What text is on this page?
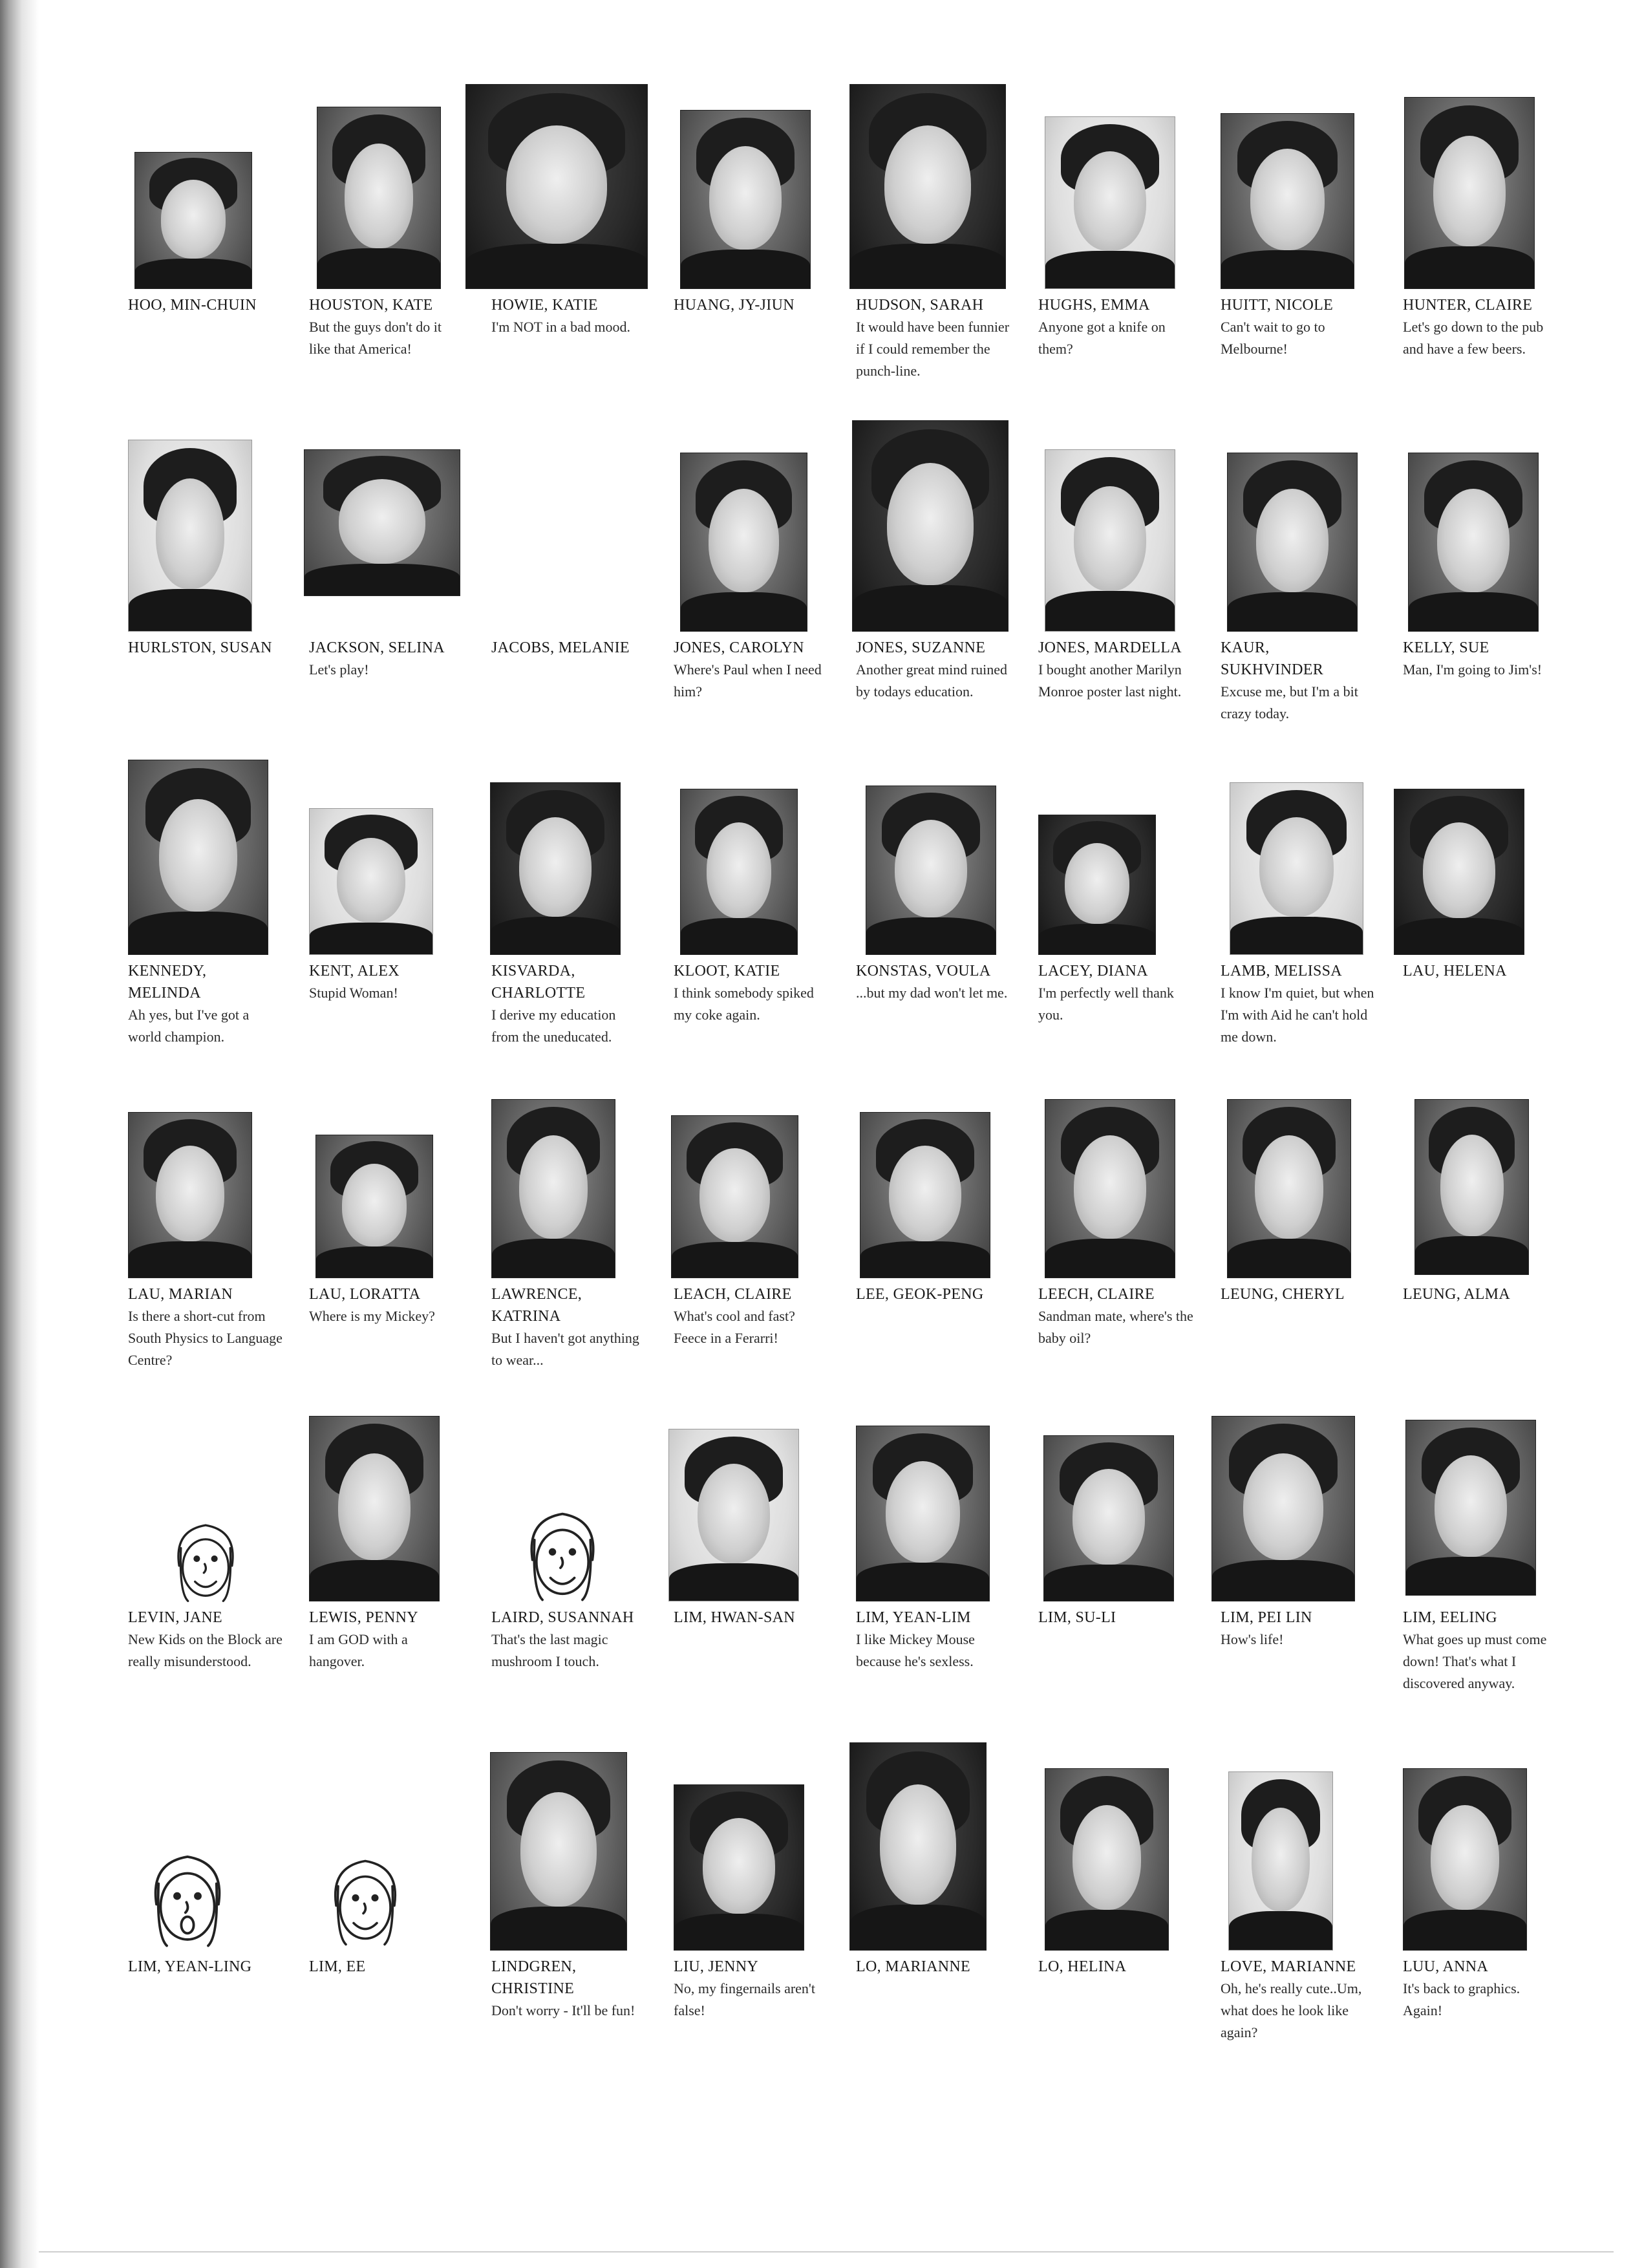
HOO, MIN-CHUIN	HOUSTON, KATE
But the guys don't do it like that America!
HOWIE, KATIE
I'm NOT in a bad mood.
HUANG, JY-JIUN	HUDSON, SARAH
It would have been funnier if I could remember the punch-line.
HUGHS, EMMA
Anyone got a knife on them?
HUITT, NICOLE
Can't wait to go to Melbourne!
HUNTER, CLAIRE
Let's go down to the pub and have a few beers.
HURLSTON, SUSAN	JACKSON, SELINA
Let's play!
JACOBS, MELANIE	JONES, CAROLYN
Where's Paul when I need him?
JONES, SUZANNE
Another great mind ruined by todays education.
JONES, MARDELLA
I bought another Marilyn Monroe poster last night.
KAUR,
SUKHVINDER
Excuse me, but I'm a bit crazy today.
KELLY, SUE
Man, I'm going to Jim's!
KENNEDY,
MELINDA
Ah yes, but I've got a world champion.
KENT, ALEX
Stupid Woman!
KISVARDA,
CHARLOTTE
I derive my education from the uneducated.
KLOOT, KATIE
I think somebody spiked my coke again.
KONSTAS, VOULA
...but my dad won't let me.
LACEY, DIANA
I'm perfectly well thank you.
LAMB, MELISSA
I know I'm quiet, but when I'm with Aid he can't hold me down.
LAU, HELENA
LAU, MARIAN
Is there a short-cut from South Physics to Language Centre?
LAU, LORATTA
Where is my Mickey?
LAWRENCE,
KATRINA
But I haven't got anything to wear...
LEACH, CLAIRE
What's cool and fast? Feece in a Ferarri!
LEE, GEOK-PENG	LEECH, CLAIRE
Sandman mate, where's the baby oil?
LEUNG, CHERYL	LEUNG, ALMA
LEVIN, JANE
New Kids on the Block are really misunderstood.
LEWIS, PENNY
I am GOD with a hangover.
LAIRD, SUSANNAH
That's the last magic mushroom I touch.
LIM, HWAN-SAN	LIM, YEAN-LIM
I like Mickey Mouse because he's sexless.
LIM, SU-LI	LIM, PEI LIN
How's life!
LIM, EELING
What goes up must come down! That's what I discovered anyway.
LIM, YEAN-LING	LIM, EE	LINDGREN,
CHRISTINE
Don't worry - It'll be fun!
LIU, JENNY
No, my fingernails aren't false!
LO, MARIANNE	LO, HELINA	LOVE, MARIANNE
Oh, he's really cute..Um, what does he look like again?
LUU, ANNA
It's back to graphics. Again!
